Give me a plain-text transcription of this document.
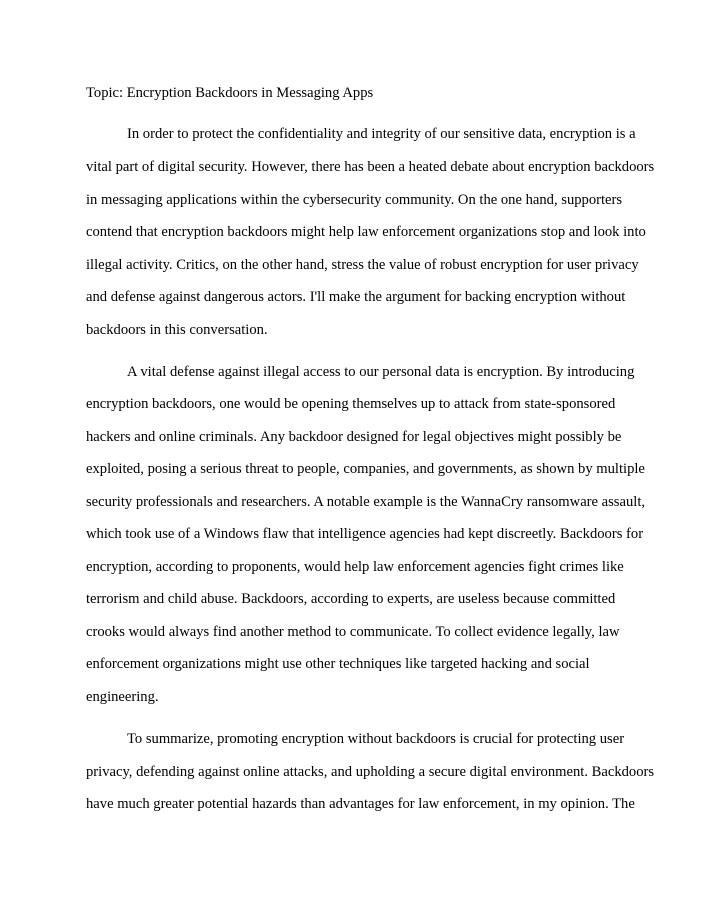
Topic: Encryption Backdoors in Messaging Apps
In order to protect the confidentiality and integrity of our sensitive data, encryption is a
vital part of digital security. However, there has been a heated debate about encryption backdoors
in messaging applications within the cybersecurity community. On the one hand, supporters
contend that encryption backdoors might help law enforcement organizations stop and look into
illegal activity. Critics, on the other hand, stress the value of robust encryption for user privacy
and defense against dangerous actors. I'll make the argument for backing encryption without
backdoors in this conversation.
A vital defense against illegal access to our personal data is encryption. By introducing
encryption backdoors, one would be opening themselves up to attack from state-sponsored
hackers and online criminals. Any backdoor designed for legal objectives might possibly be
exploited, posing a serious threat to people, companies, and governments, as shown by multiple
security professionals and researchers. A notable example is the WannaCry ransomware assault,
which took use of a Windows flaw that intelligence agencies had kept discreetly. Backdoors for
encryption, according to proponents, would help law enforcement agencies fight crimes like
terrorism and child abuse. Backdoors, according to experts, are useless because committed
crooks would always find another method to communicate. To collect evidence legally, law
enforcement organizations might use other techniques like targeted hacking and social
engineering.
To summarize, promoting encryption without backdoors is crucial for protecting user
privacy, defending against online attacks, and upholding a secure digital environment. Backdoors
have much greater potential hazards than advantages for law enforcement, in my opinion. The
